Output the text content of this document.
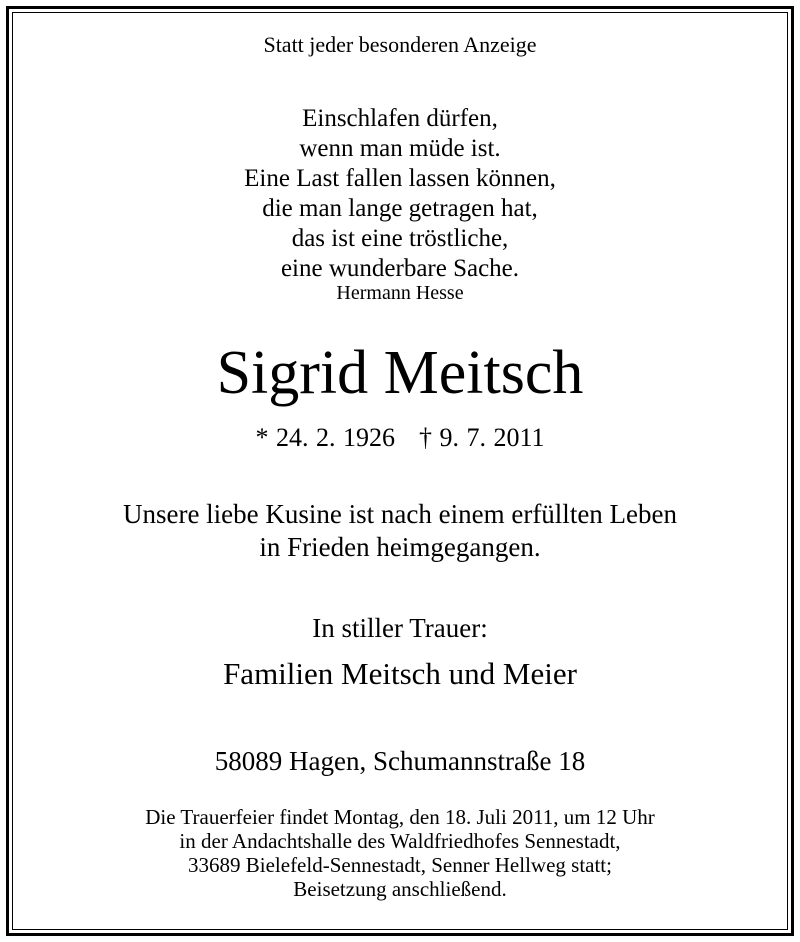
Statt jeder besonderen Anzeige
Einschlafen dürfen,
wenn man müde ist.
Eine Last fallen lassen können,
die man lange getragen hat,
das ist eine tröstliche,
eine wunderbare Sache.
Hermann Hesse
Sigrid Meitsch
* 24. 2. 1926 † 9. 7. 2011
Unsere liebe Kusine ist nach einem erfüllten Leben
in Frieden heimgegangen.
In stiller Trauer:
Familien Meitsch und Meier
58089 Hagen, Schumannstraße 18
Die Trauerfeier findet Montag, den 18. Juli 2011, um 12 Uhr
in der Andachtshalle des Waldfriedhofes Sennestadt,
33689 Bielefeld-Sennestadt, Senner Hellweg statt;
Beisetzung anschließend.
